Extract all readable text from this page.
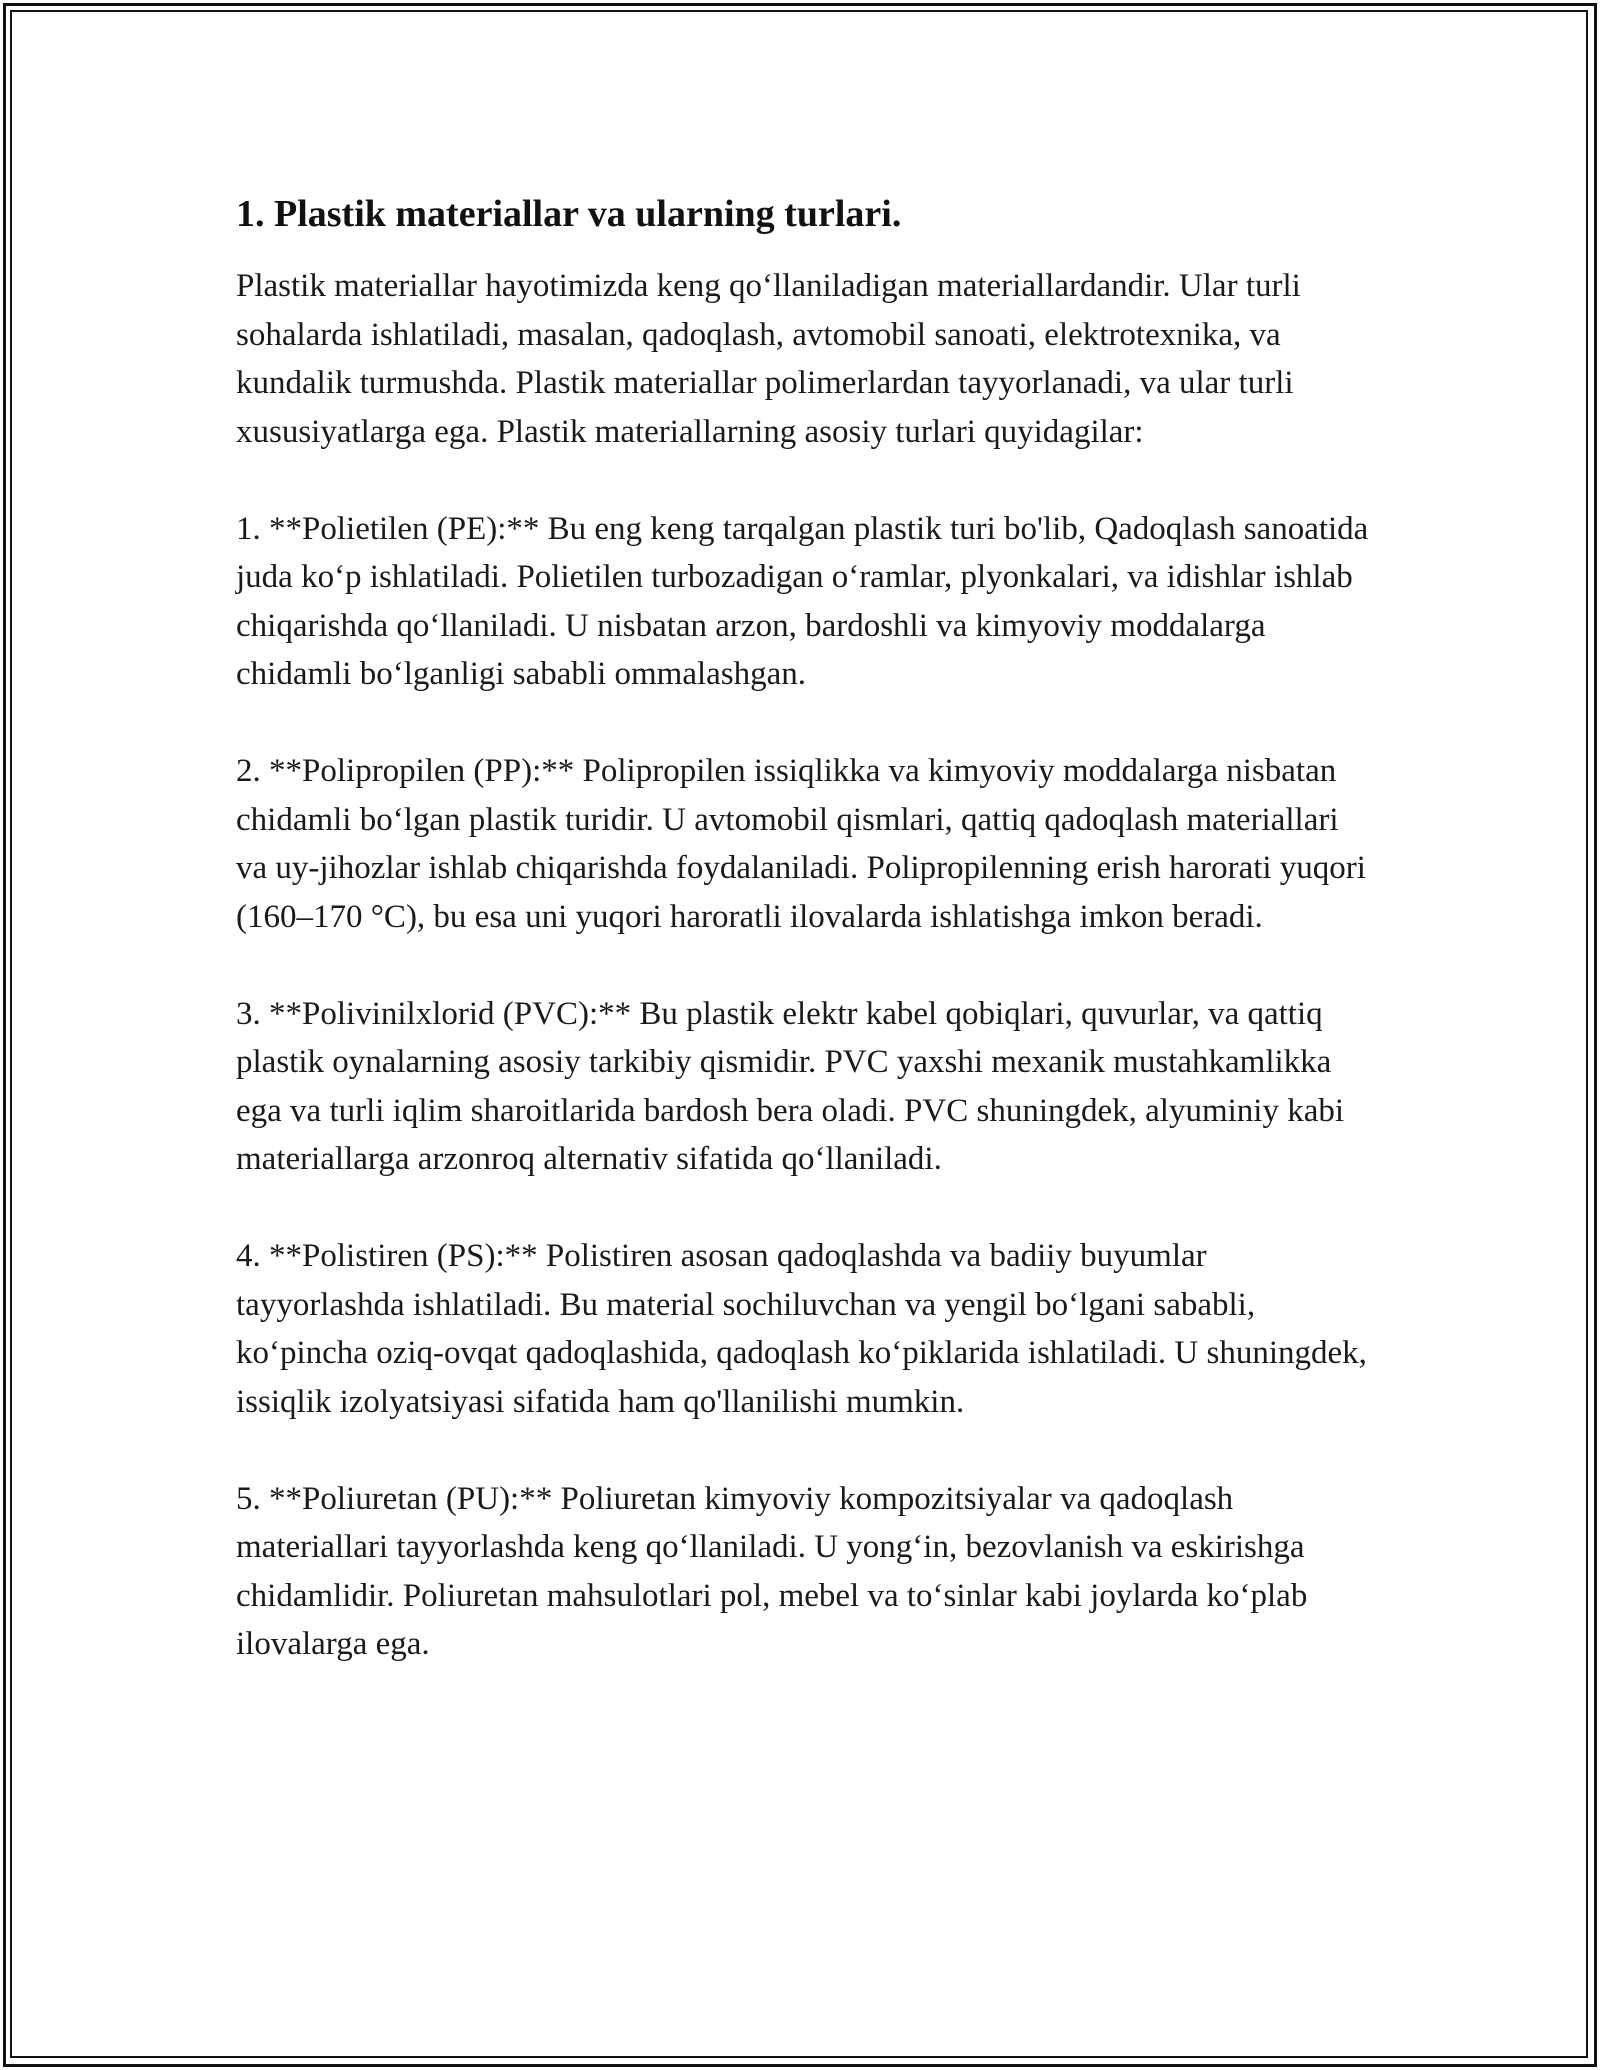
1. Plastik materiallar va ularning turlari.

Plastik materiallar hayotimizda keng qo‘llaniladigan materiallardandir. Ular turli sohalarda ishlatiladi, masalan, qadoqlash, avtomobil sanoati, elektrotexnika, va kundalik turmushda. Plastik materiallar polimerlardan tayyorlanadi, va ular turli xususiyatlarga ega. Plastik materiallarning asosiy turlari quyidagilar:

1. **Polietilen (PE):** Bu eng keng tarqalgan plastik turi bo'lib, Qadoqlash sanoatida juda ko‘p ishlatiladi. Polietilen turbozadigan o‘ramlar, plyonkalari, va idishlar ishlab chiqarishda qo‘llaniladi. U nisbatan arzon, bardoshli va kimyoviy moddalarga chidamli bo‘lganligi sababli ommalashgan.

2. **Polipropilen (PP):** Polipropilen issiqlikka va kimyoviy moddalarga nisbatan chidamli bo‘lgan plastik turidir. U avtomobil qismlari, qattiq qadoqlash materiallari va uy-jihozlar ishlab chiqarishda foydalaniladi. Polipropilenning erish harorati yuqori (160–170 °C), bu esa uni yuqori haroratli ilovalarda ishlatishga imkon beradi.

3. **Polivinilxlorid (PVC):** Bu plastik elektr kabel qobiqlari, quvurlar, va qattiq plastik oynalarning asosiy tarkibiy qismidir. PVC yaxshi mexanik mustahkamlikka ega va turli iqlim sharoitlarida bardosh bera oladi. PVC shuningdek, alyuminiy kabi materiallarga arzonroq alternativ sifatida qo‘llaniladi.

4. **Polistiren (PS):** Polistiren asosan qadoqlashda va badiiy buyumlar tayyorlashda ishlatiladi. Bu material sochiluvchan va yengil bo‘lgani sababli, ko‘pincha oziq-ovqat qadoqlashida, qadoqlash ko‘piklarida ishlatiladi. U shuningdek, issiqlik izolyatsiyasi sifatida ham qo'llanilishi mumkin.

5. **Poliuretan (PU):** Poliuretan kimyoviy kompozitsiyalar va qadoqlash materiallari tayyorlashda keng qo‘llaniladi. U yong‘in, bezovlanish va eskirishga chidamlidir. Poliuretan mahsulotlari pol, mebel va to‘sinlar kabi joylarda ko‘plab ilovalarga ega.
